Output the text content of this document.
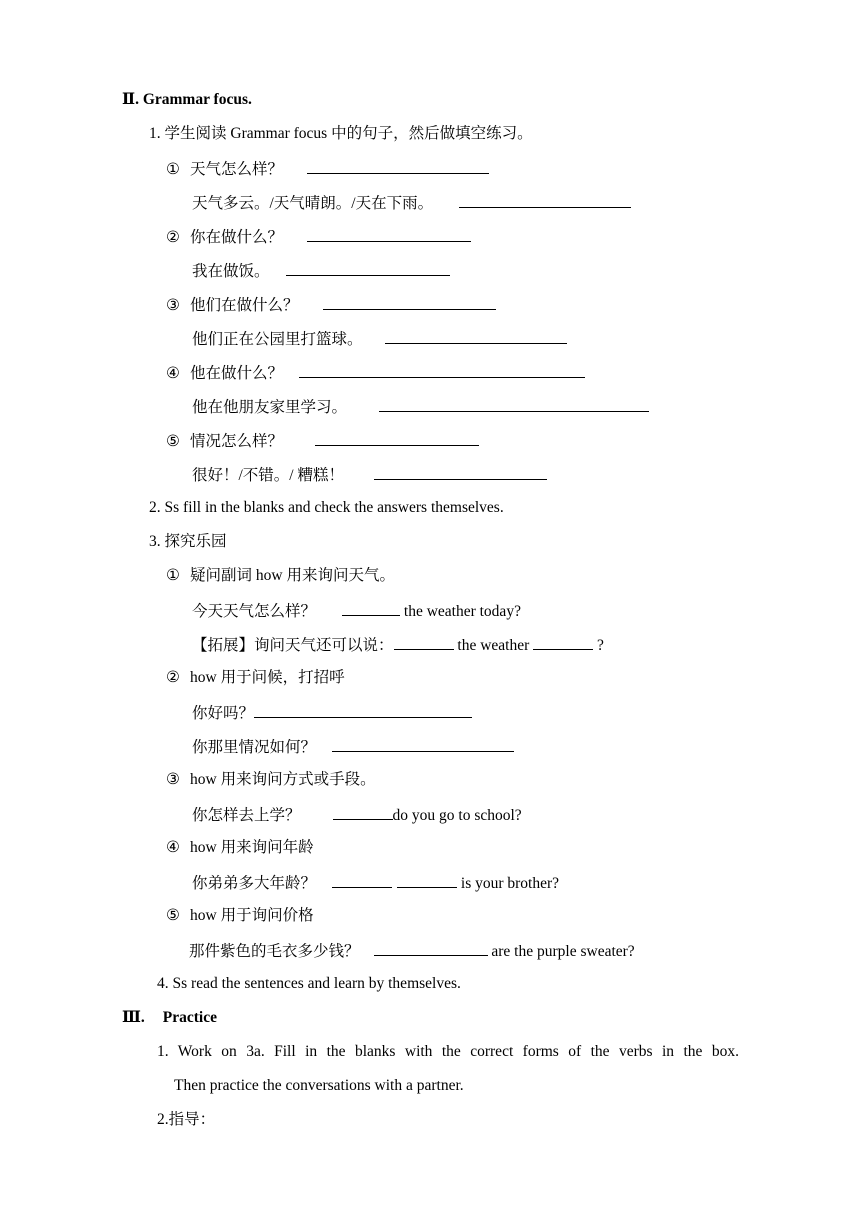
Ⅱ. Grammar focus.
1. 学生阅读 Grammar focus 中的句子，然后做填空练习。
① 天气怎么样？
天气多云。/天气晴朗。/天在下雨。
② 你在做什么？
我在做饭。
③ 他们在做什么？
他们正在公园里打篮球。
④ 他在做什么？
他在他朋友家里学习。
⑤ 情况怎么样？
很好！/不错。/ 糟糕！
2. Ss fill in the blanks and check the answers themselves.
3. 探究乐园
① 疑问副词 how 用来询问天气。
今天天气怎么样？	the weather today?
【拓展】询问天气还可以说：	the weather	?
② how 用于问候，打招呼
你好吗？
你那里情况如何？
③ how 用来询问方式或手段。
你怎样去上学？	do you go to school?
④ how 用来询问年龄
你弟弟多大年龄？	is your brother?
⑤ how 用于询问价格
那件紫色的毛衣多少钱？	are the purple sweater?
4. Ss read the sentences and learn by themselves.
Ⅲ. Practice
1. Work on 3a. Fill in the blanks with the correct forms of the verbs in the box.
Then practice the conversations with a partner.
2.指导：
